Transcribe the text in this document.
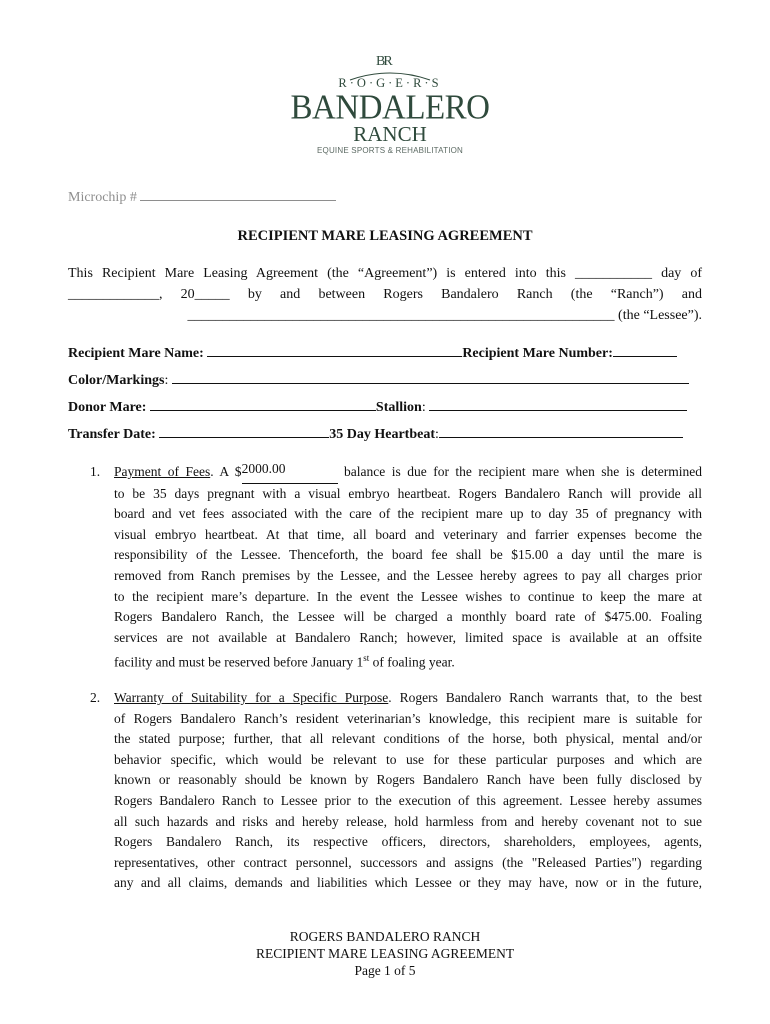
BR
R·O·G·E·R·S
BANDALERO
RANCH
EQUINE SPORTS & REHABILITATION
Microchip #
RECIPIENT MARE LEASING AGREEMENT
This Recipient Mare Leasing Agreement (the “Agreement”) is entered into this ___________ day of
_____________, 20_____ by and between Rogers Bandalero Ranch (the “Ranch”) and
_____________________________________________________________ (the “Lessee”).
Recipient Mare Name:	Recipient Mare Number:
Color/Markings:
Donor Mare:	Stallion:
Transfer Date:	35 Day Heartbeat:
1. Payment of Fees. A $2000.00	balance is due for the recipient mare when she is determined
to be 35 days pregnant with a visual embryo heartbeat. Rogers Bandalero Ranch will provide all
board and vet fees associated with the care of the recipient mare up to day 35 of pregnancy with
visual embryo heartbeat. At that time, all board and veterinary and farrier expenses become the
responsibility of the Lessee. Thenceforth, the board fee shall be $15.00 a day until the mare is
removed from Ranch premises by the Lessee, and the Lessee hereby agrees to pay all charges prior
to the recipient mare’s departure. In the event the Lessee wishes to continue to keep the mare at
Rogers Bandalero Ranch, the Lessee will be charged a monthly board rate of $475.00. Foaling
services are not available at Bandalero Ranch; however, limited space is available at an offsite
facility and must be reserved before January 1st of foaling year.
2. Warranty of Suitability for a Specific Purpose. Rogers Bandalero Ranch warrants that, to the best
of Rogers Bandalero Ranch’s resident veterinarian’s knowledge, this recipient mare is suitable for
the stated purpose; further, that all relevant conditions of the horse, both physical, mental and/or
behavior specific, which would be relevant to use for these particular purposes and which are
known or reasonably should be known by Rogers Bandalero Ranch have been fully disclosed by
Rogers Bandalero Ranch to Lessee prior to the execution of this agreement. Lessee hereby assumes
all such hazards and risks and hereby release, hold harmless from and hereby covenant not to sue
Rogers Bandalero Ranch, its respective officers, directors, shareholders, employees, agents,
representatives, other contract personnel, successors and assigns (the "Released Parties") regarding
any and all claims, demands and liabilities which Lessee or they may have, now or in the future,
ROGERS BANDALERO RANCH
RECIPIENT MARE LEASING AGREEMENT
Page 1 of 5
